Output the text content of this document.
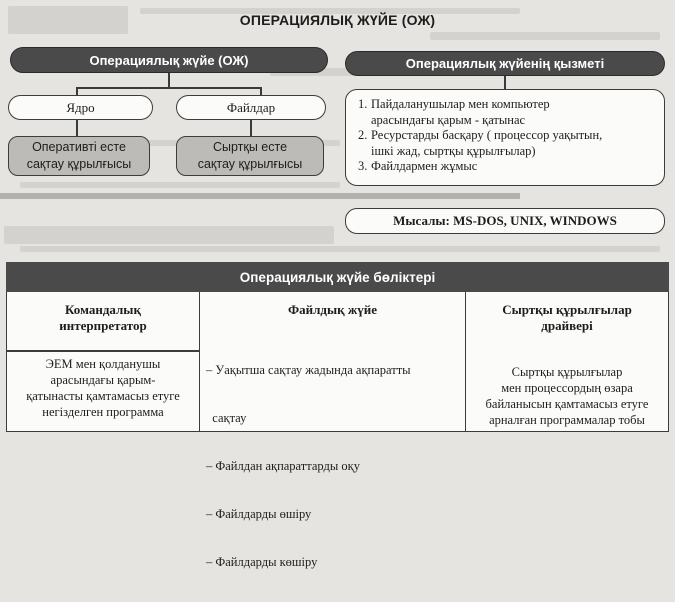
ОПЕРАЦИЯЛЫҚ ЖҮЙЕ (ОЖ)
Операциялық жүйе (ОЖ)
Ядро	Файлдар
Оперативті есте
сақтау құрылғысы
Сыртқы есте
сақтау құрылғысы
Операциялық жүйенің қызметі
1. Пайдаланушылар мен компьютер
арасындағы қарым - қатынас
2. Ресурстарды басқару ( процессор уақытын,
ішкі жад, сыртқы құрылғылар)
3. Файлдармен жұмыс
Мысалы: MS-DOS, UNIX, WINDOWS
Операциялық жүйе бөліктері
Командалық
интерпретатор
ЭЕМ мен қолданушы
арасындағы қарым-
қатынасты қамтамасыз етуге
негізделген программа
Файлдық жүйе

– Уақытша сақтау жадында ақпаратты

сақтау

– Файлдан ақпараттарды оқу

– Файлдарды өшіру

– Файлдарды көшіру

Сыртқы құрылғылар
драйвері
Сыртқы құрылғылар
мен процессордың өзара
байланысын қамтамасыз етуге
арналған программалар тобы
